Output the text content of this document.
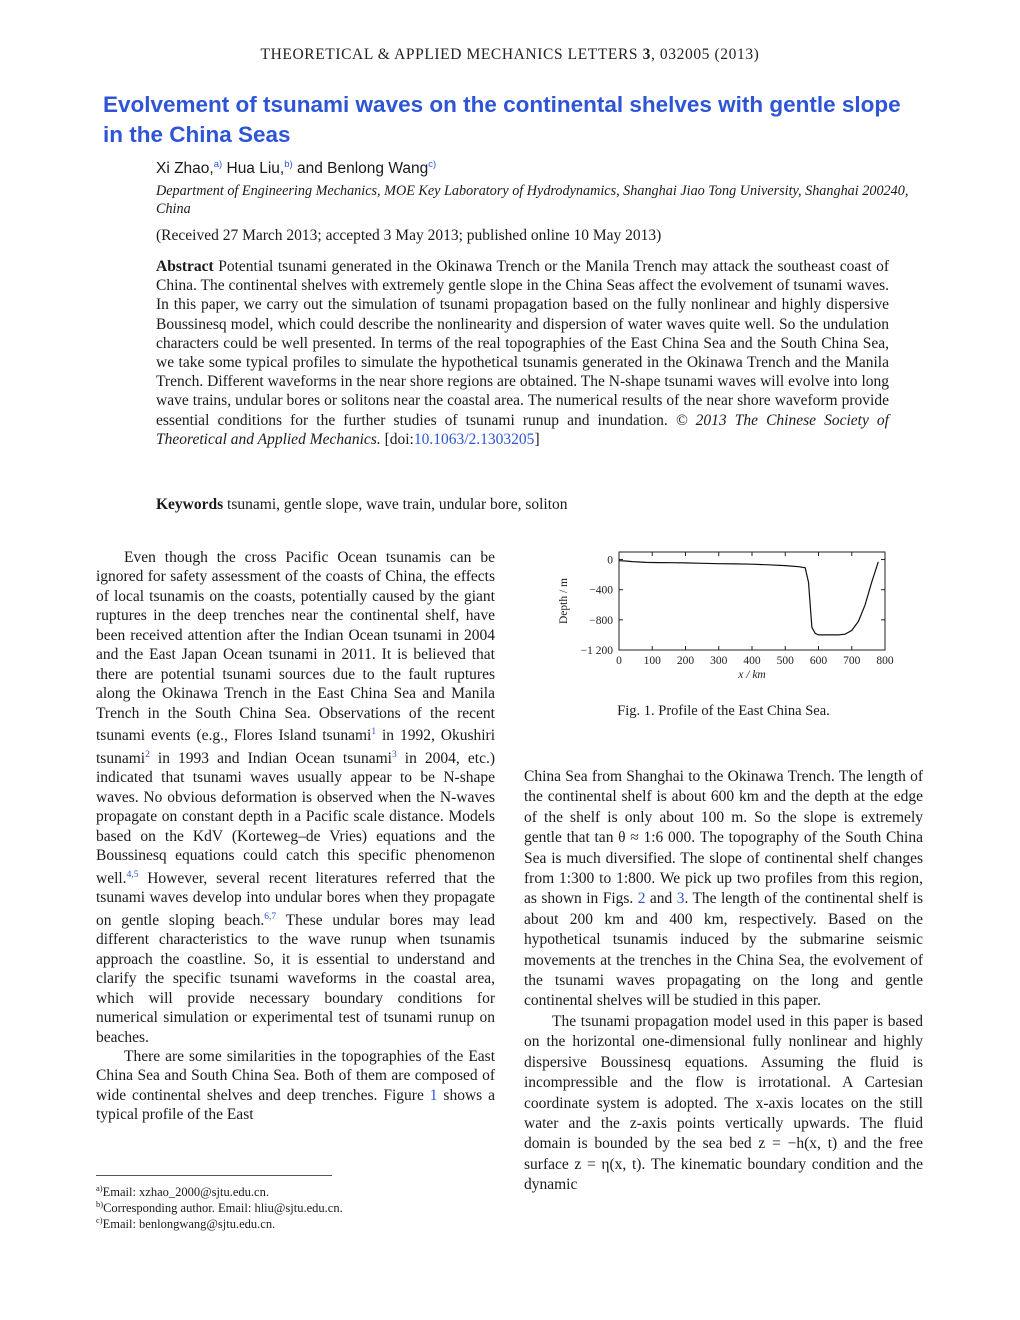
THEORETICAL & APPLIED MECHANICS LETTERS 3, 032005 (2013)
Evolvement of tsunami waves on the continental shelves with gentle slope in the China Seas
Xi Zhao,$^{a)}$ Hua Liu,$^{b)}$ and Benlong Wang$^{c)}$
Department of Engineering Mechanics, MOE Key Laboratory of Hydrodynamics, Shanghai Jiao Tong University, Shanghai 200240, China
(Received 27 March 2013; accepted 3 May 2013; published online 10 May 2013)
Abstract Potential tsunami generated in the Okinawa Trench or the Manila Trench may attack the southeast coast of China. The continental shelves with extremely gentle slope in the China Seas affect the evolvement of tsunami waves. In this paper, we carry out the simulation of tsunami propagation based on the fully nonlinear and highly dispersive Boussinesq model, which could describe the nonlinearity and dispersion of water waves quite well. So the undulation characters could be well presented. In terms of the real topographies of the East China Sea and the South China Sea, we take some typical profiles to simulate the hypothetical tsunamis generated in the Okinawa Trench and the Manila Trench. Different waveforms in the near shore regions are obtained. The N-shape tsunami waves will evolve into long wave trains, undular bores or solitons near the coastal area. The numerical results of the near shore waveform provide essential conditions for the further studies of tsunami runup and inundation. © 2013 The Chinese Society of Theoretical and Applied Mechanics. [doi:10.1063/2.1303205]
Keywords tsunami, gentle slope, wave train, undular bore, soliton

Even though the cross Pacific Ocean tsunamis can be ignored for safety assessment of the coasts of China, the effects of local tsunamis on the coasts, potentially caused by the giant ruptures in the deep trenches near the continental shelf, have been received attention after the Indian Ocean tsunami in 2004 and the East Japan Ocean tsunami in 2011. It is believed that there are potential tsunami sources due to the fault ruptures along the Okinawa Trench in the East China Sea and Manila Trench in the South China Sea. Observations of the recent tsunami events (e.g., Flores Island tsunami$^1$ in 1992, Okushiri tsunami$^2$ in 1993 and Indian Ocean tsunami$^3$ in 2004, etc.) indicated that tsunami waves usually appear to be N-shape waves. No obvious deformation is observed when the N-waves propagate on constant depth in a Pacific scale distance. Models based on the KdV (Korteweg–de Vries) equations and the Boussinesq equations could catch this specific phenomenon well.$^{4,5}$ However, several recent literatures referred that the tsunami waves develop into undular bores when they propagate on gentle sloping beach.$^{6,7}$ These undular bores may lead different characteristics to the wave runup when tsunamis approach the coastline. So, it is essential to understand and clarify the specific tsunami waveforms in the coastal area, which will provide necessary boundary conditions for numerical simulation or experimental test of tsunami runup on beaches.

There are some similarities in the topographies of the East China Sea and South China Sea. Both of them are composed of wide continental shelves and deep trenches. Figure 1 shows a typical profile of the East

0 100 200 300 400 500 600 700 800
0
−400
−800
−1 200
x / km
Depth / m
Fig. 1. Profile of the East China Sea.

China Sea from Shanghai to the Okinawa Trench. The length of the continental shelf is about 600 km and the depth at the edge of the shelf is only about 100 m. So the slope is extremely gentle that tan θ ≈ 1:6 000. The topography of the South China Sea is much diversified. The slope of continental shelf changes from 1:300 to 1:800. We pick up two profiles from this region, as shown in Figs. 2 and 3. The length of the continental shelf is about 200 km and 400 km, respectively. Based on the hypothetical tsunamis induced by the submarine seismic movements at the trenches in the China Sea, the evolvement of the tsunami waves propagating on the long and gentle continental shelves will be studied in this paper.

The tsunami propagation model used in this paper is based on the horizontal one-dimensional fully nonlinear and highly dispersive Boussinesq equations. Assuming the fluid is incompressible and the flow is irrotational. A Cartesian coordinate system is adopted. The x-axis locates on the still water and the z-axis points vertically upwards. The fluid domain is bounded by the sea bed z = −h(x, t) and the free surface z = η(x, t). The kinematic boundary condition and the dynamic

$^{a)}$Email: xzhao_2000@sjtu.edu.cn.
$^{b)}$Corresponding author. Email: hliu@sjtu.edu.cn.
$^{c)}$Email: benlongwang@sjtu.edu.cn.
